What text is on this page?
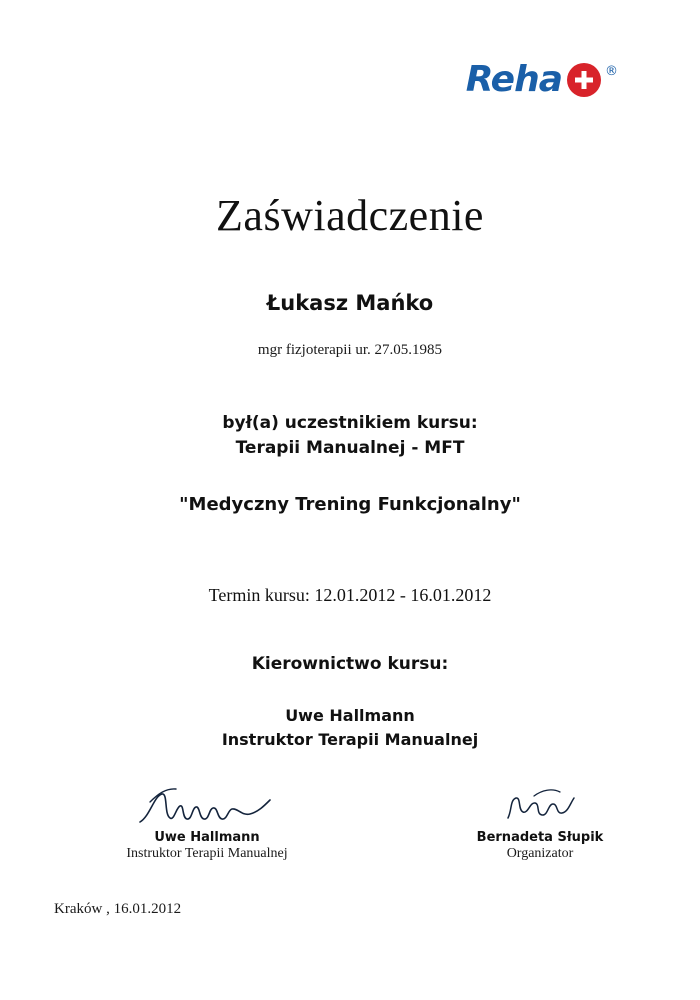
Reha	®
Zaświadczenie
Łukasz Mańko
mgr fizjoterapii ur. 27.05.1985
był(a) uczestnikiem kursu:
Terapii Manualnej - MFT
"Medyczny Trening Funkcjonalny"
Termin kursu: 12.01.2012 - 16.01.2012
Kierownictwo kursu:
Uwe Hallmann
Instruktor Terapii Manualnej
Uwe Hallmann
Instruktor Terapii Manualnej
Bernadeta Słupik
Organizator
Kraków , 16.01.2012
